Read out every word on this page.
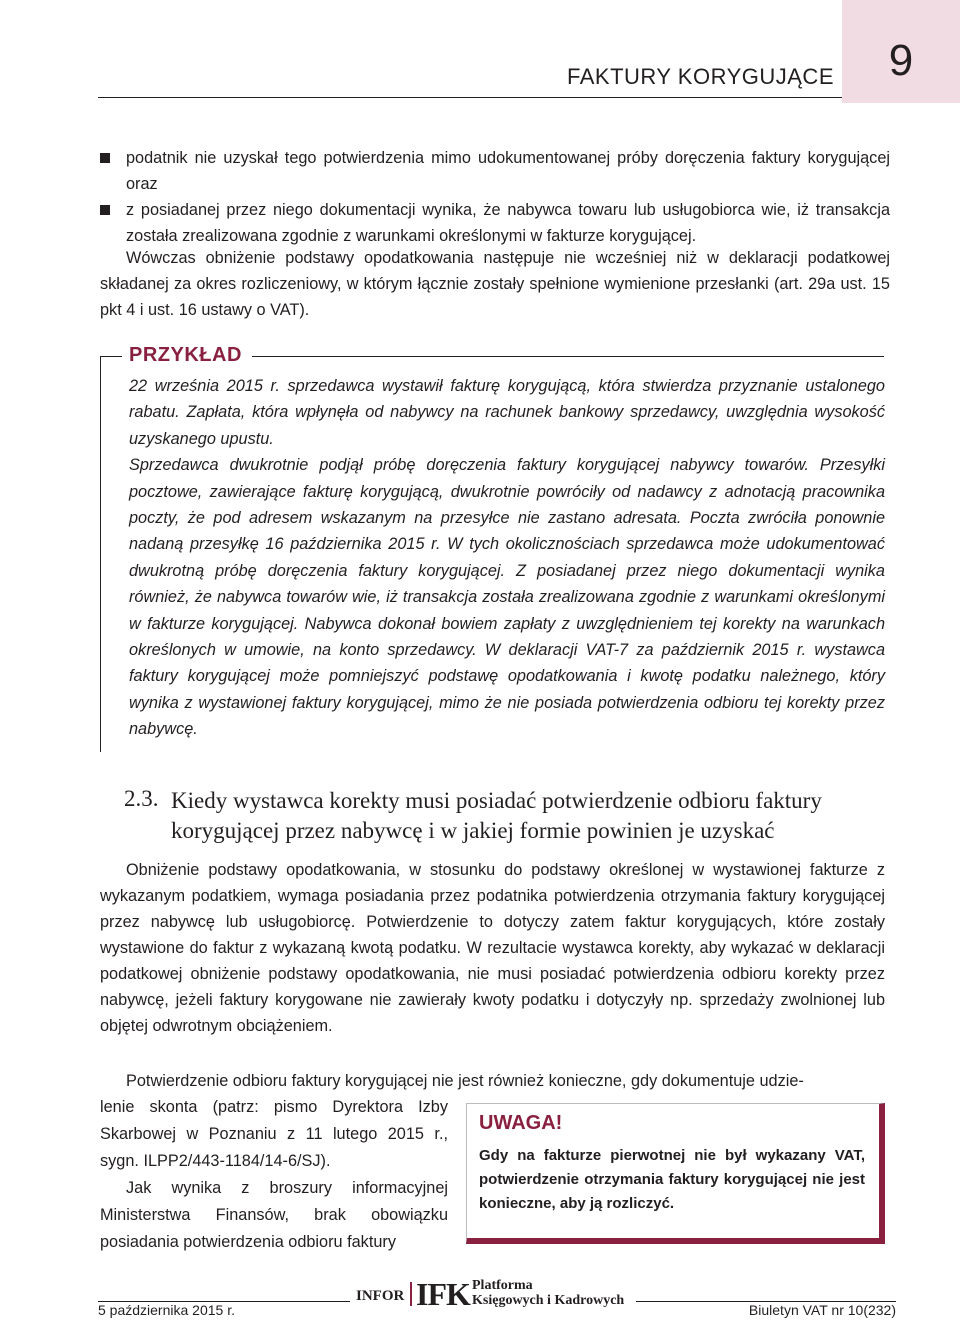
9
FAKTURY KORYGUJĄCE
podatnik nie uzyskał tego potwierdzenia mimo udokumentowanej próby doręczenia faktury korygującej oraz
z posiadanej przez niego dokumentacji wynika, że nabywca towaru lub usługobiorca wie, iż transakcja została zrealizowana zgodnie z warunkami określonymi w fakturze korygującej.
Wówczas obniżenie podstawy opodatkowania następuje nie wcześniej niż w deklaracji podatkowej składanej za okres rozliczeniowy, w którym łącznie zostały spełnione wymienione przesłanki (art. 29a ust. 15 pkt 4 i ust. 16 ustawy o VAT).
PRZYKŁAD
22 września 2015 r. sprzedawca wystawił fakturę korygującą, która stwierdza przyznanie ustalonego rabatu. Zapłata, która wpłynęła od nabywcy na rachunek bankowy sprzedawcy, uwzględnia wysokość uzyskanego upustu.
Sprzedawca dwukrotnie podjął próbę doręczenia faktury korygującej nabywcy towarów. Przesyłki pocztowe, zawierające fakturę korygującą, dwukrotnie powróciły od nadawcy z adnotacją pracownika poczty, że pod adresem wskazanym na przesyłce nie zastano adresata. Poczta zwróciła ponownie nadaną przesyłkę 16 października 2015 r. W tych okolicznościach sprzedawca może udokumentować dwukrotną próbę doręczenia faktury korygującej. Z posiadanej przez niego dokumentacji wynika również, że nabywca towarów wie, iż transakcja została zrealizowana zgodnie z warunkami określonymi w fakturze korygującej. Nabywca dokonał bowiem zapłaty z uwzględnieniem tej korekty na warunkach określonych w umowie, na konto sprzedawcy. W deklaracji VAT-7 za październik 2015 r. wystawca faktury korygującej może pomniejszyć podstawę opodatkowania i kwotę podatku należnego, który wynika z wystawionej faktury korygującej, mimo że nie posiada potwierdzenia odbioru tej korekty przez nabywcę.
2.3. Kiedy wystawca korekty musi posiadać potwierdzenie odbioru faktury korygującej przez nabywcę i w jakiej formie powinien je uzyskać

Obniżenie podstawy opodatkowania, w stosunku do podstawy określonej w wystawionej fakturze z wykazanym podatkiem, wymaga posiadania przez podatnika potwierdzenia otrzymania faktury korygującej przez nabywcę lub usługobiorcę. Potwierdzenie to dotyczy zatem faktur korygujących, które zostały wystawione do faktur z wykazaną kwotą podatku. W rezultacie wystawca korekty, aby wykazać w deklaracji podatkowej obniżenie podstawy opodatkowania, nie musi posiadać potwierdzenia odbioru korekty przez nabywcę, jeżeli faktury korygowane nie zawierały kwoty podatku i dotyczyły np. sprzedaży zwolnionej lub objętej odwrotnym obciążeniem.

Potwierdzenie odbioru faktury korygującej nie jest również konieczne, gdy dokumentuje udzie-

lenie skonta (patrz: pismo Dyrektora Izby Skarbowej w Poznaniu z 11 lutego 2015 r., sygn. ILPP2/443-1184/14-6/SJ).

Jak wynika z broszury informacyjnej Ministerstwa Finansów, brak obowiązku posiadania potwierdzenia odbioru faktury

UWAGA!
Gdy na fakturze pierwotnej nie był wykazany VAT, potwierdzenie otrzymania faktury korygującej nie jest konieczne, aby ją rozliczyć.
INFOR IFK Platforma
Księgowych i Kadrowych
5 października 2015 r.	Biuletyn VAT nr 10(232)
